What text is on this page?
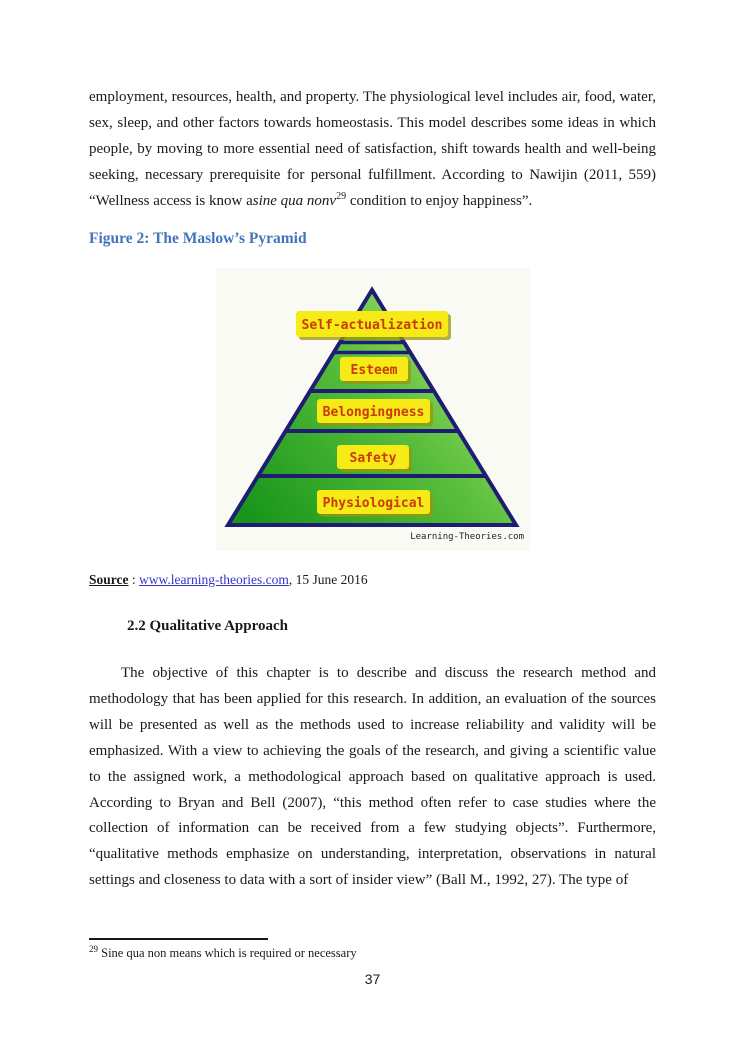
employment, resources, health, and property. The physiological level includes air, food, water, sex, sleep, and other factors towards homeostasis. This model describes some ideas in which people, by moving to more essential need of satisfaction, shift towards health and well-being seeking, necessary prerequisite for personal fulfillment. According to Nawijin (2011, 559) “Wellness access is know asine qua nonv$^{29}$ condition to enjoy happiness”.

Figure 2: The Maslow’s Pyramid
Self-actualization
Esteem
Belongingness
Safety
Physiological
Learning-Theories.com

Source : www.learning-theories.com, 15 June 2016

2.2 Qualitative Approach

The objective of this chapter is to describe and discuss the research method and methodology that has been applied for this research. In addition, an evaluation of the sources will be presented as well as the methods used to increase reliability and validity will be emphasized. With a view to achieving the goals of the research, and giving a scientific value to the assigned work, a methodological approach based on qualitative approach is used. According to Bryan and Bell (2007), “this method often refer to case studies where the collection of information can be received from a few studying objects”. Furthermore, “qualitative methods emphasize on understanding, interpretation, observations in natural settings and closeness to data with a sort of insider view” (Ball M., 1992, 27). The type of

$^{29}$ Sine qua non means which is required or necessary

37
